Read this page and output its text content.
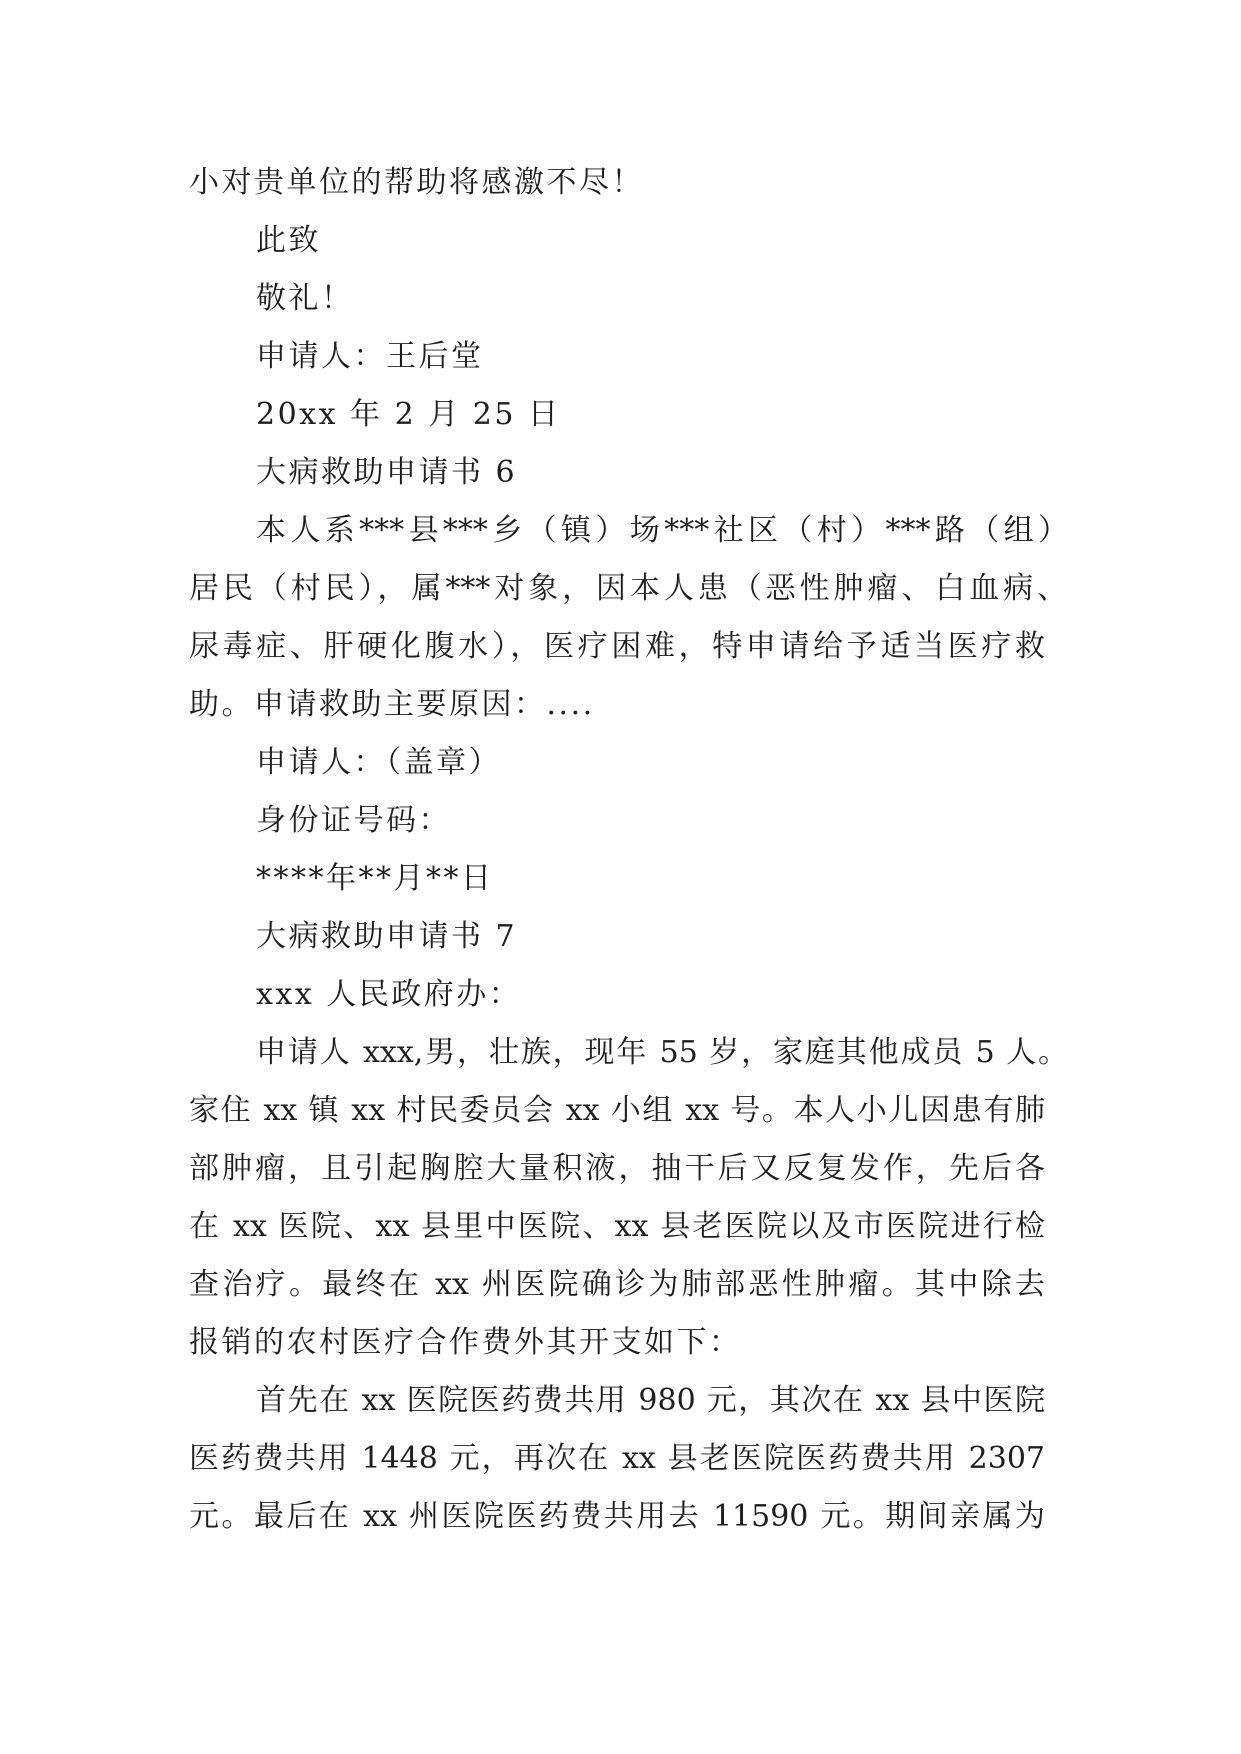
小对贵单位的帮助将感激不尽！
此致
敬礼！
申请人：王后堂
20xx 年 2 月 25 日
大病救助申请书 6
本人系***县***乡（镇）场***社区（村）***路（组）
居民（村民），属***对象，因本人患（恶性肿瘤、白血病、
尿毒症、肝硬化腹水），医疗困难，特申请给予适当医疗救
助。申请救助主要原因：....
申请人：（盖章）
身份证号码：
****年**月**日
大病救助申请书 7
xxx 人民政府办：
申请人 xxx,男，壮族，现年 55 岁，家庭其他成员 5 人。
家住 xx 镇 xx 村民委员会 xx 小组 xx 号。本人小儿因患有肺
部肿瘤，且引起胸腔大量积液，抽干后又反复发作，先后各
在 xx 医院、xx 县里中医院、xx 县老医院以及市医院进行检
查治疗。最终在 xx 州医院确诊为肺部恶性肿瘤。其中除去
报销的农村医疗合作费外其开支如下：
首先在 xx 医院医药费共用 980 元，其次在 xx 县中医院
医药费共用 1448 元，再次在 xx 县老医院医药费共用 2307
元。最后在 xx 州医院医药费共用去 11590 元。期间亲属为
